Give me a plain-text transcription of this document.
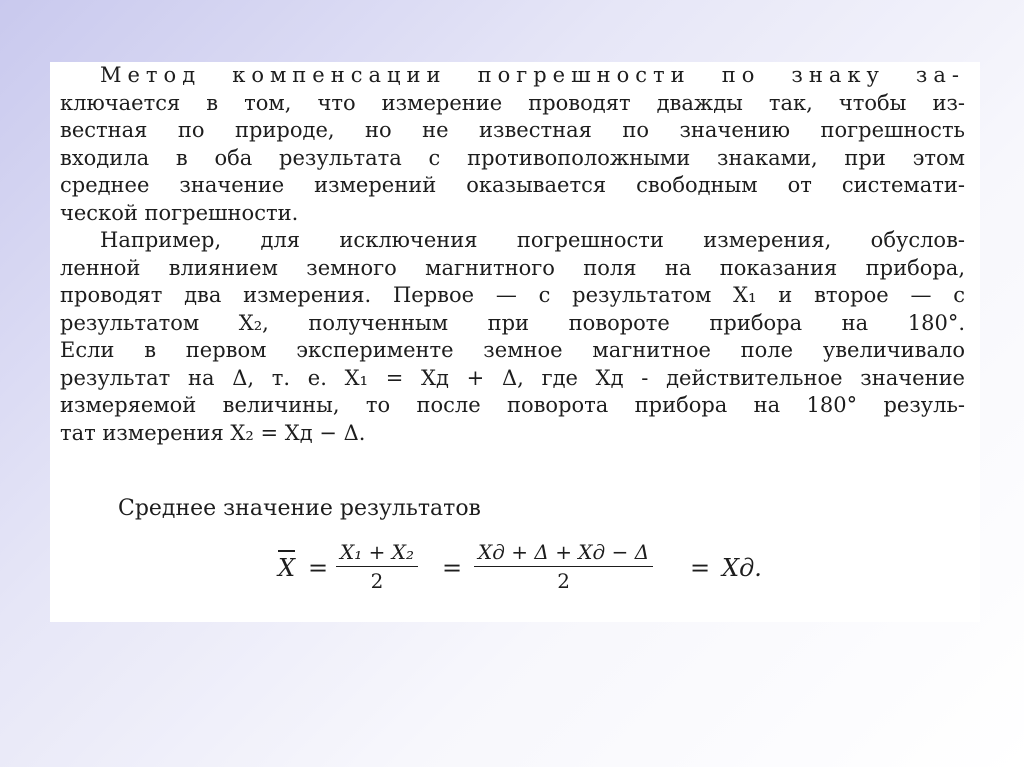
Метод компенсации погрешности по знаку за-
ключается в том, что измерение проводят дважды так, чтобы из-
вестная по природе, но не известная по значению погрешность
входила в оба результата с противоположными знаками, при этом
среднее значение измерений оказывается свободным от системати-
ческой погрешности.

Например, для исключения погрешности измерения, обуслов-
ленной влиянием земного магнитного поля на показания прибора,
проводят два измерения. Первое — с результатом X₁ и второе — с
результатом X₂, полученным при повороте прибора на 180°.
Если в первом эксперименте земное магнитное поле увеличивало
результат на Δ, т. е. X₁ = Xд + Δ, где Xд - действительное значение
измеряемой величины, то после поворота прибора на 180° резуль-
тат измерения X₂ = Xд − Δ.

Среднее значение результатов
$X = \frac{\text{X₁ + X₂}}{2}$ =
Xд + Δ + Xд − Δ
2	= Xд.
